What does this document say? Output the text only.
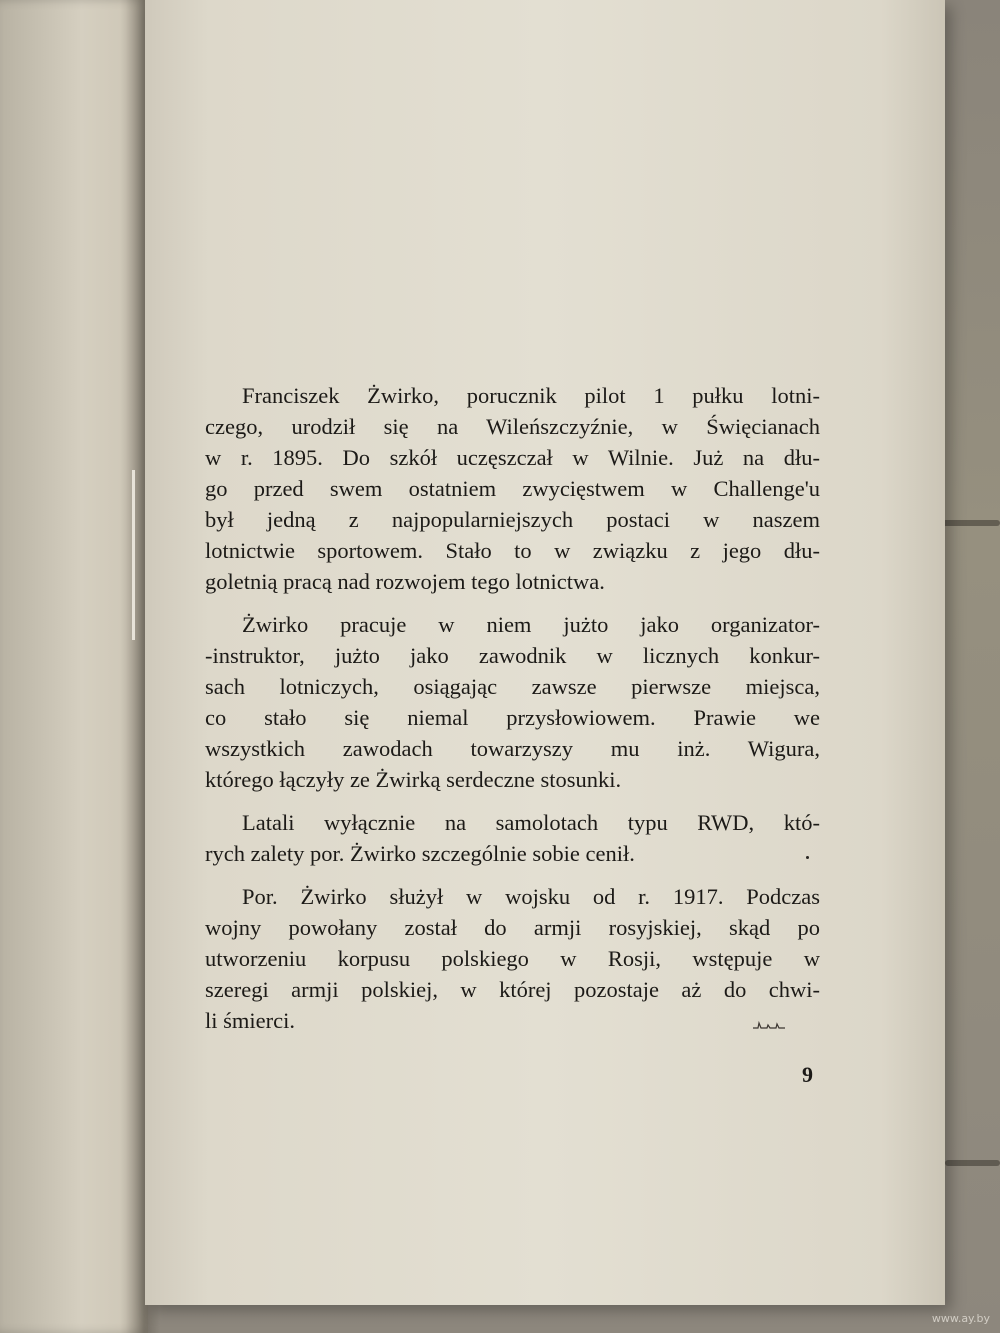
Franciszek Żwirko, porucznik pilot 1 pułku lotni-
czego, urodził się na Wileńszczyźnie, w Święcianach
w r. 1895. Do szkół uczęszczał w Wilnie. Już na dłu-
go przed swem ostatniem zwycięstwem w Challenge'u
był jedną z najpopularniejszych postaci w naszem
lotnictwie sportowem. Stało to w związku z jego dłu-
goletnią pracą nad rozwojem tego lotnictwa.
Żwirko pracuje w niem jużto jako organizator-
-instruktor, jużto jako zawodnik w licznych konkur-
sach lotniczych, osiągając zawsze pierwsze miejsca,
co stało się niemal przysłowiowem. Prawie we
wszystkich zawodach towarzyszy mu inż. Wigura,
którego łączyły ze Żwirką serdeczne stosunki.
Latali wyłącznie na samolotach typu RWD, któ-
rych zalety por. Żwirko szczególnie sobie cenił.
Por. Żwirko służył w wojsku od r. 1917. Podczas
wojny powołany został do armji rosyjskiej, skąd po
utworzeniu korpusu polskiego w Rosji, wstępuje w
szeregi armji polskiej, w której pozostaje aż do chwi-
li śmierci.
9
www.ay.by
